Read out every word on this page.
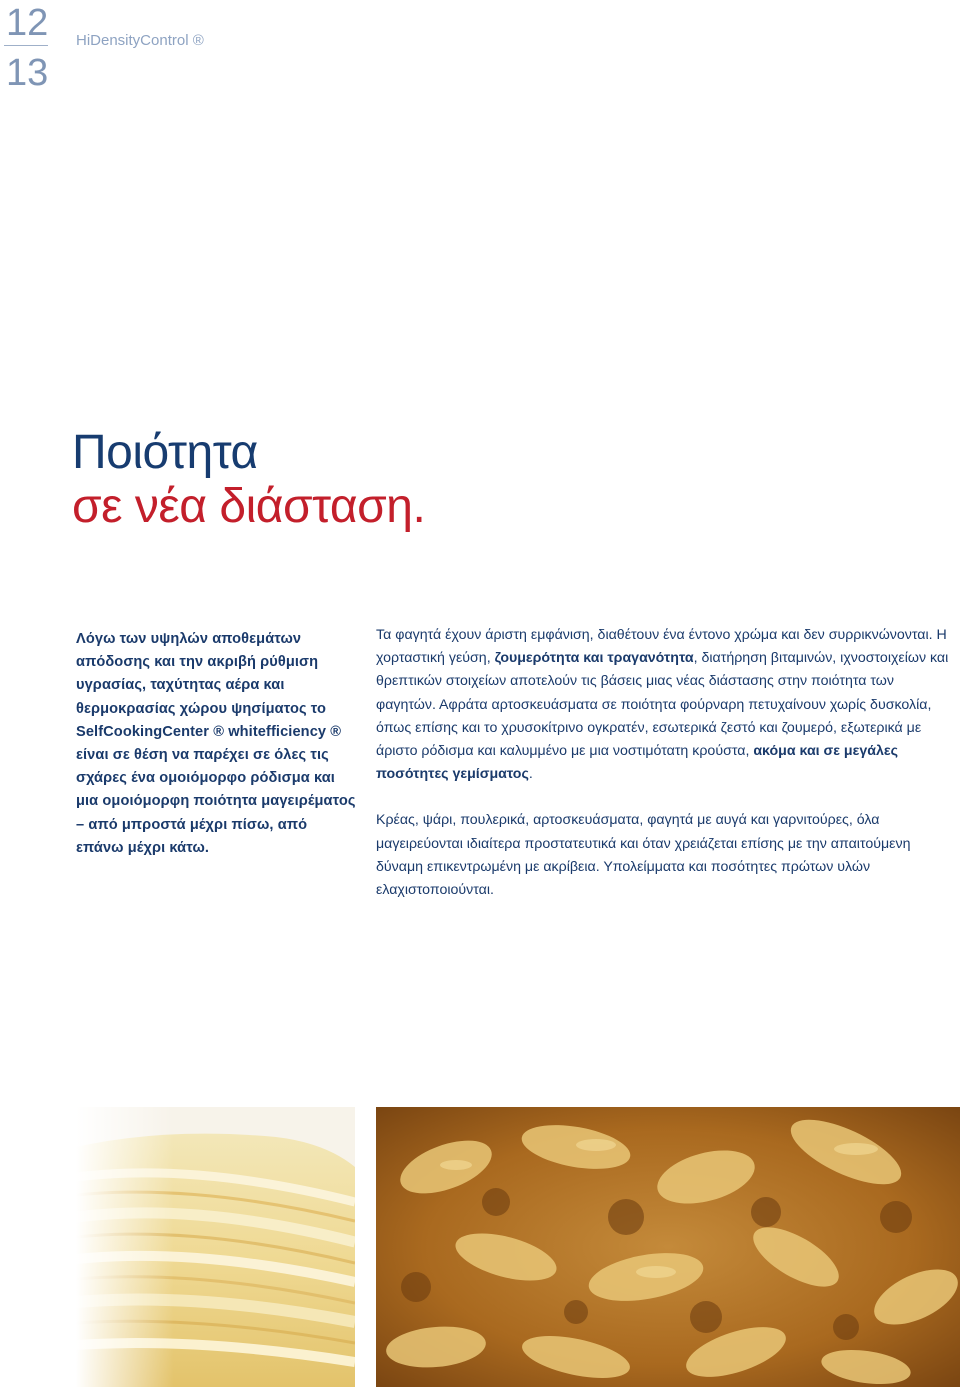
12
13
HiDensityControl ®
Ποιότητα
σε νέα διάσταση.
Λόγω των υψηλών αποθεμάτων απόδοσης και την ακριβή ρύθμιση υγρασίας, ταχύτητας αέρα και θερμοκρασίας χώρου ψησίματος το SelfCookingCenter ® whitefficiency ® είναι σε θέση να παρέχει σε όλες τις σχάρες ένα ομοιόμορφο ρόδισμα και μια ομοιόμορφη ποιότητα μαγειρέματος – από μπροστά μέχρι πίσω, από επάνω μέχρι κάτω.

Τα φαγητά έχουν άριστη εμφάνιση, διαθέτουν ένα έντονο χρώμα και δεν συρρικνώνονται. Η χορταστική γεύση, ζουμερότητα και τραγανότητα, διατήρηση βιταμινών, ιχνοστοιχείων και θρεπτικών στοιχείων αποτελούν τις βάσεις μιας νέας διάστασης στην ποιότητα των φαγητών. Αφράτα αρτοσκευάσματα σε ποιότητα φούρναρη πετυχαίνουν χωρίς δυσκολία, όπως επίσης και το χρυσοκίτρινο ογκρατέν, εσωτερικά ζεστό και ζουμερό, εξωτερικά με άριστο ρόδισμα και καλυμμένο με μια νοστιμότατη κρούστα, ακόμα και σε μεγάλες ποσότητες γεμίσματος.

Κρέας, ψάρι, πουλερικά, αρτοσκευάσματα, φαγητά με αυγά και γαρνιτούρες, όλα μαγειρεύονται ιδιαίτερα προστατευτικά και όταν χρειάζεται επίσης με την απαιτούμενη δύναμη επικεντρωμένη με ακρίβεια. Υπολείμματα και ποσότητες πρώτων υλών ελαχιστοποιούνται.
